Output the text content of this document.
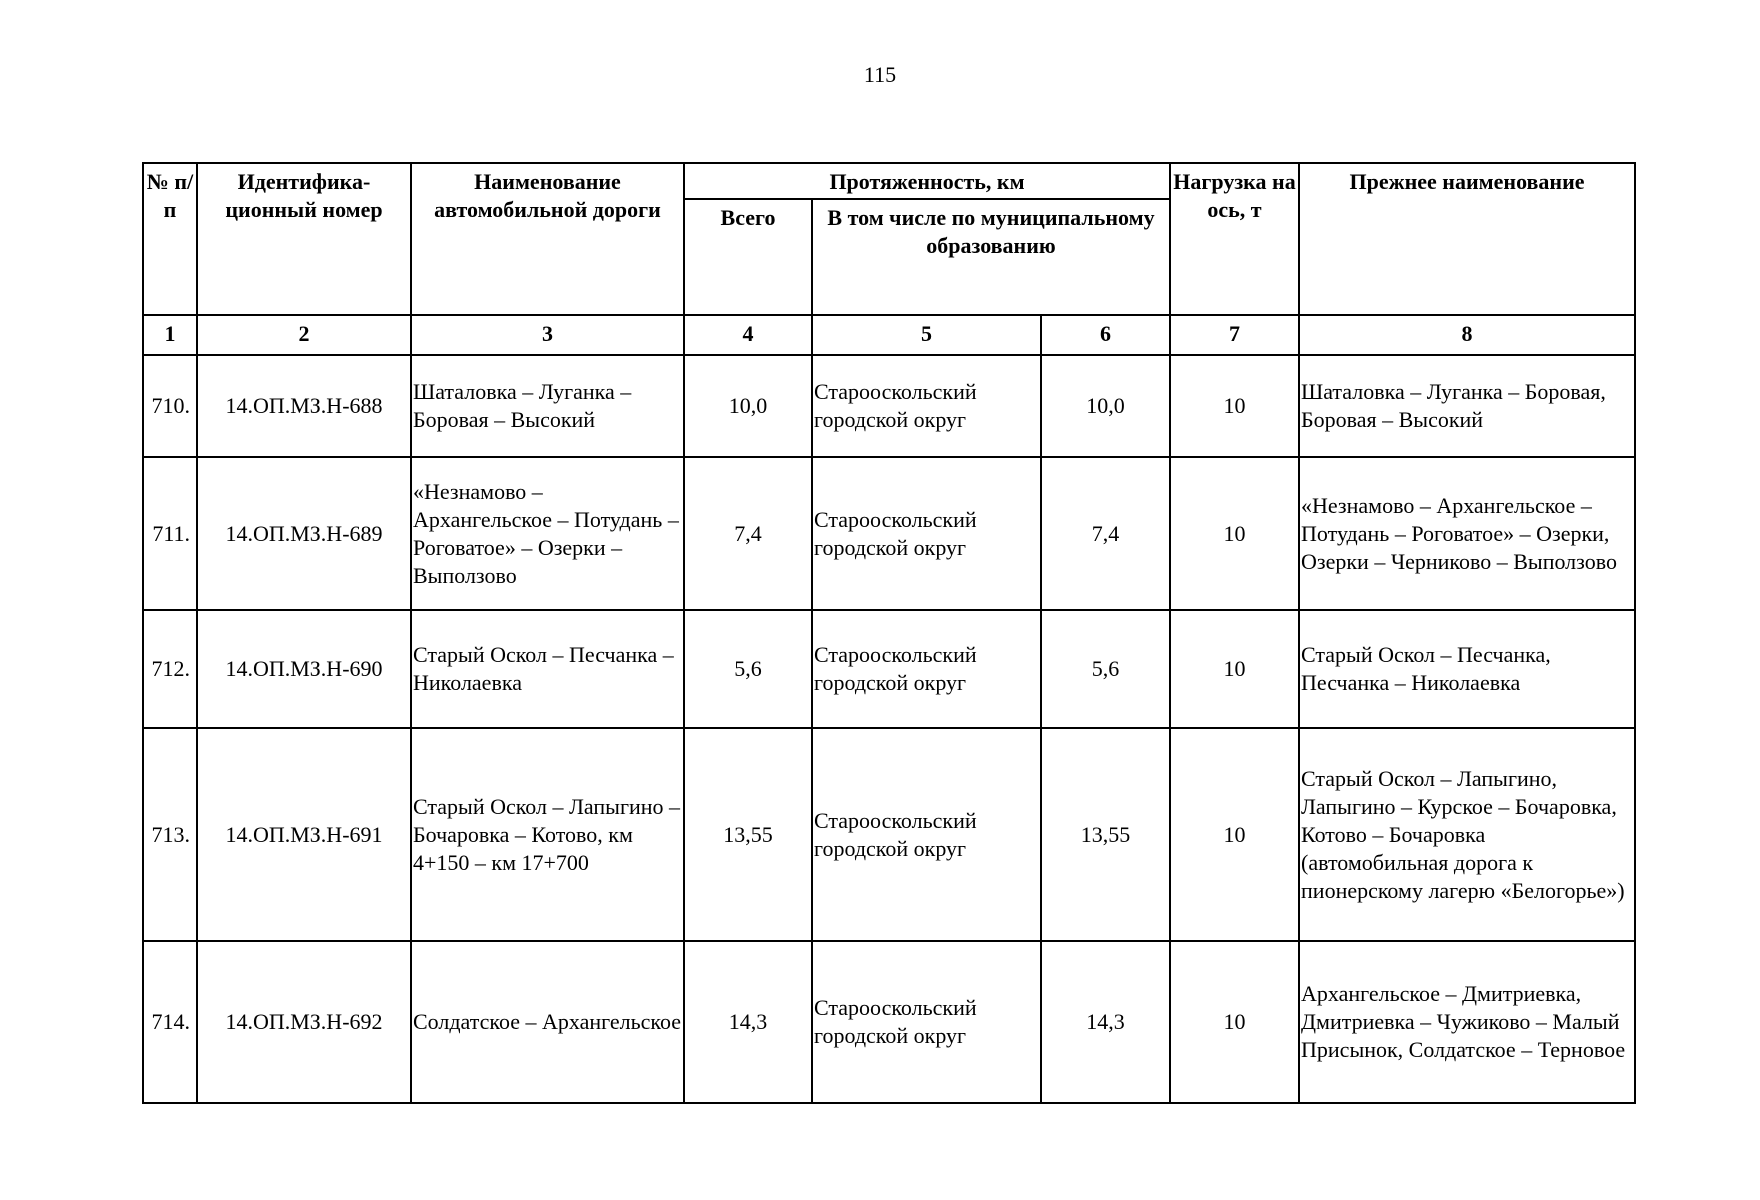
115
№ п/п	Идентифика-ционный номер	Наименование автомобильной дороги	Протяженность, км			Нагрузка на ось, т	Прежнее наименование
			Всего	В том числе по муниципальному образованию			
1	2	3	4	5	6	7	8
710.	14.ОП.МЗ.Н-688	Шаталовка – Луганка – Боровая – Высокий	10,0	Старооскольский городской округ	10,0	10	Шаталовка – Луганка – Боровая, Боровая – Высокий
711.	14.ОП.МЗ.Н-689	«Незнамово – Архангельское – Потудань – Роговатое» – Озерки – Выползово	7,4	Старооскольский городской округ	7,4	10	«Незнамово – Архангельское – Потудань – Роговатое» – Озерки, Озерки – Черниково – Выползово
712.	14.ОП.МЗ.Н-690	Старый Оскол – Песчанка – Николаевка	5,6	Старооскольский городской округ	5,6	10	Старый Оскол – Песчанка, Песчанка – Николаевка
713.	14.ОП.МЗ.Н-691	Старый Оскол – Лапыгино – Бочаровка – Котово, км 4+150 – км 17+700	13,55	Старооскольский городской округ	13,55	10	Старый Оскол – Лапыгино, Лапыгино – Курское – Бочаровка, Котово – Бочаровка (автомобильная дорога к пионерскому лагерю «Белогорье»)
714.	14.ОП.МЗ.Н-692	Солдатское – Архангельское	14,3	Старооскольский городской округ	14,3	10	Архангельское – Дмитриевка, Дмитриевка – Чужиково – Малый Присынок, Солдатское – Терновое
